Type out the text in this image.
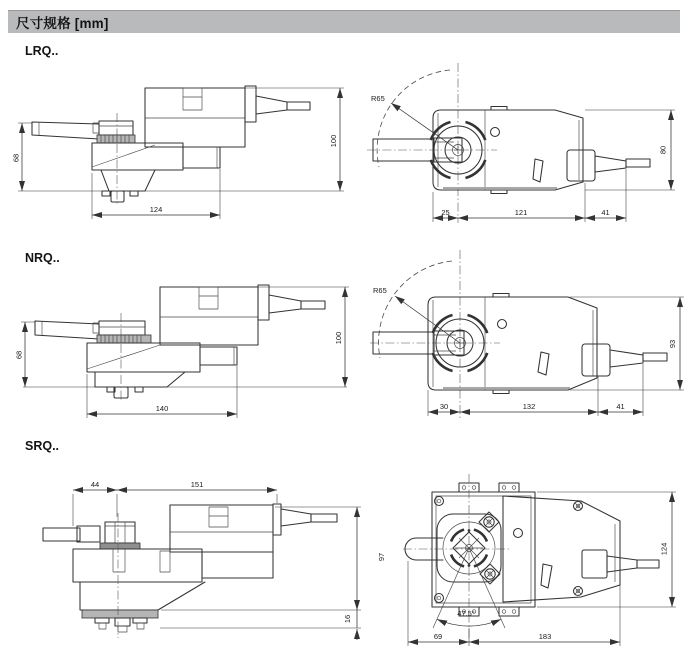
尺寸规格 [mm]
LRQ..
68
100
124
R65
80
25	121	41
NRQ..
68
100
140
R65
93
30	132	41
SRQ..
44	151
97
16
47.5°
124
69	183
